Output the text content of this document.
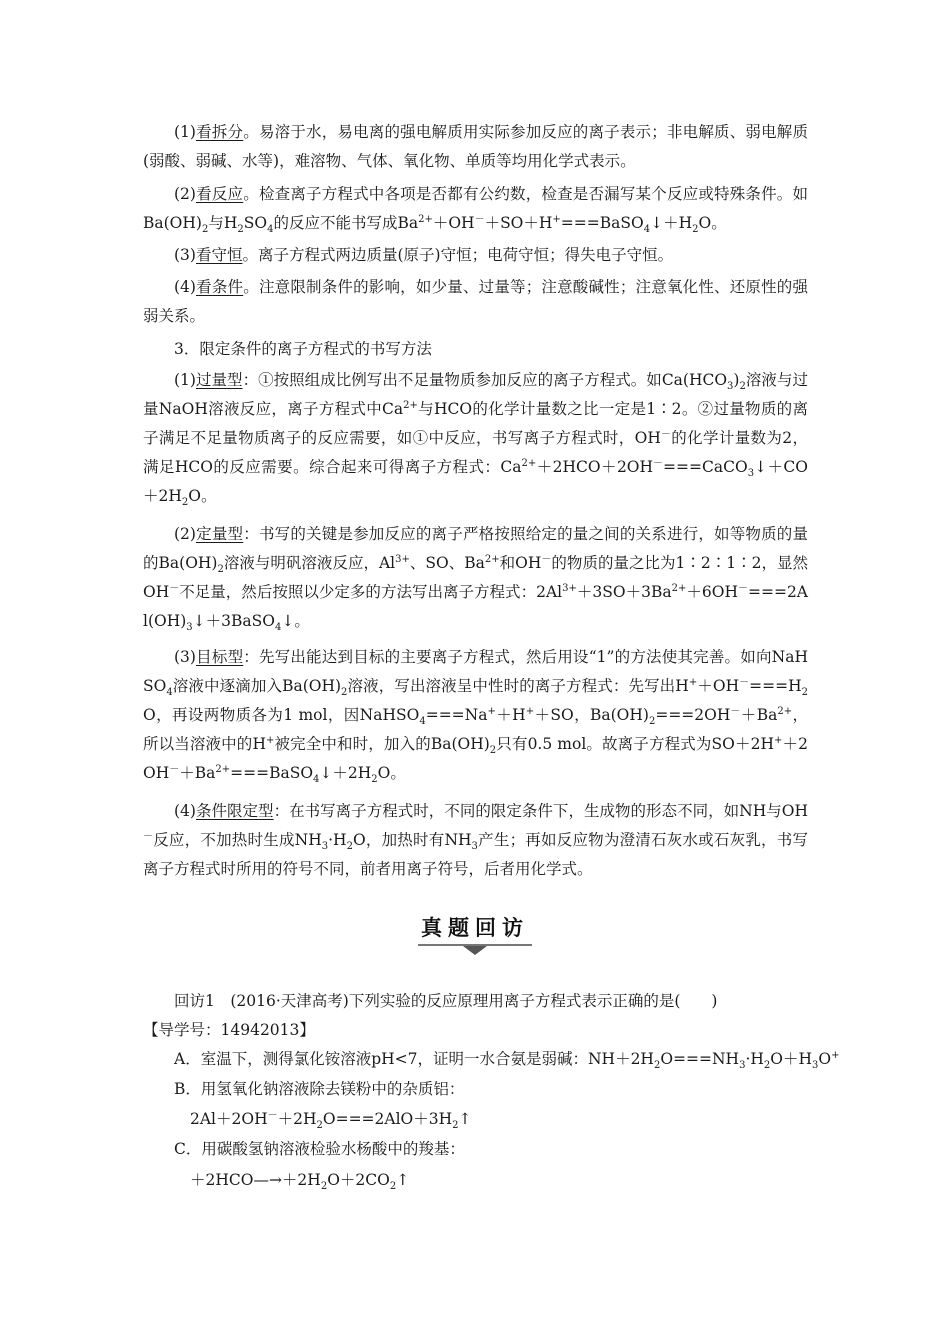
(1)看拆分。易溶于水，易电离的强电解质用实际参加反应的离子表示；非电解质、弱电解质(弱酸、弱碱、水等)，难溶物、气体、氧化物、单质等均用化学式表示。
(2)看反应。检查离子方程式中各项是否都有公约数，检查是否漏写某个反应或特殊条件。如$Ba(OH)_2$与$H_2SO_4$的反应不能书写成$Ba^{2+}+OH^-+SO+H^+===BaSO_4↓+H_2O$。
(3)看守恒。离子方程式两边质量(原子)守恒；电荷守恒；得失电子守恒。
(4)看条件。注意限制条件的影响，如少量、过量等；注意酸碱性；注意氧化性、还原性的强弱关系。
3．限定条件的离子方程式的书写方法
(1)过量型：①按照组成比例写出不足量物质参加反应的离子方程式。如$Ca(HCO_3)_2$溶液与过量NaOH溶液反应，离子方程式中$Ca^{2+}$与HCO的化学计量数之比一定是1∶2。②过量物质的离子满足不足量物质离子的反应需要，如①中反应，书写离子方程式时，OH－的化学计量数为2，满足HCO的反应需要。综合起来可得离子方程式：$Ca^{2+}+2HCO+2OH^-===CaCO_3↓+CO+2H_2O$。
(2)定量型：书写的关键是参加反应的离子严格按照给定的量之间的关系进行，如等物质的量的$Ba(OH)_2$溶液与明矾溶液反应，$Al^{3+}$、SO、$Ba^{2+}$和OH－的物质的量之比为1∶2∶1∶2，显然OH－不足量，然后按照以少定多的方法写出离子方程式：$2Al^{3+}+3SO+3Ba^{2+}+6OH^-===2Al(OH)_3↓+3BaSO_4↓$。
(3)目标型：先写出能达到目标的主要离子方程式，然后用设“1”的方法使其完善。如向NaHSO$_4$溶液中逐滴加入$Ba(OH)_2$溶液，写出溶液呈中性时的离子方程式：先写出$H^++OH^-===H_2O$，再设两物质各为1 mol，因NaHSO$_4$===Na+＋H+＋SO，$Ba(OH)_2===2OH^-+Ba^{2+}$，所以当溶液中的H+被完全中和时，加入的$Ba(OH)_2$只有0.5 mol。故离子方程式为$SO+2H^++2OH^-+Ba^{2+}===BaSO_4↓+2H_2O$。
(4)条件限定型：在书写离子方程式时，不同的限定条件下，生成物的形态不同，如NH与OH－反应，不加热时生成$NH_3\cdot H_2O$，加热时有$NH_3$产生；再如反应物为澄清石灰水或石灰乳，书写离子方程式时所用的符号不同，前者用离子符号，后者用化学式。
真题回访
回访1　(2016·天津高考)下列实验的反应原理用离子方程式表示正确的是(　　)
【导学号：14942013】
A．室温下，测得氯化铵溶液pH<7，证明一水合氨是弱碱：$NH+2H_2O===NH_3\cdot H_2O+H_3O^+$
B．用氢氧化钠溶液除去镁粉中的杂质铝：
$2Al+2OH^-+2H_2O===2AlO+3H_2↑$
C．用碳酸氢钠溶液检验水杨酸中的羧基：
$+2HCO—\to+2H_2O+2CO_2↑$
